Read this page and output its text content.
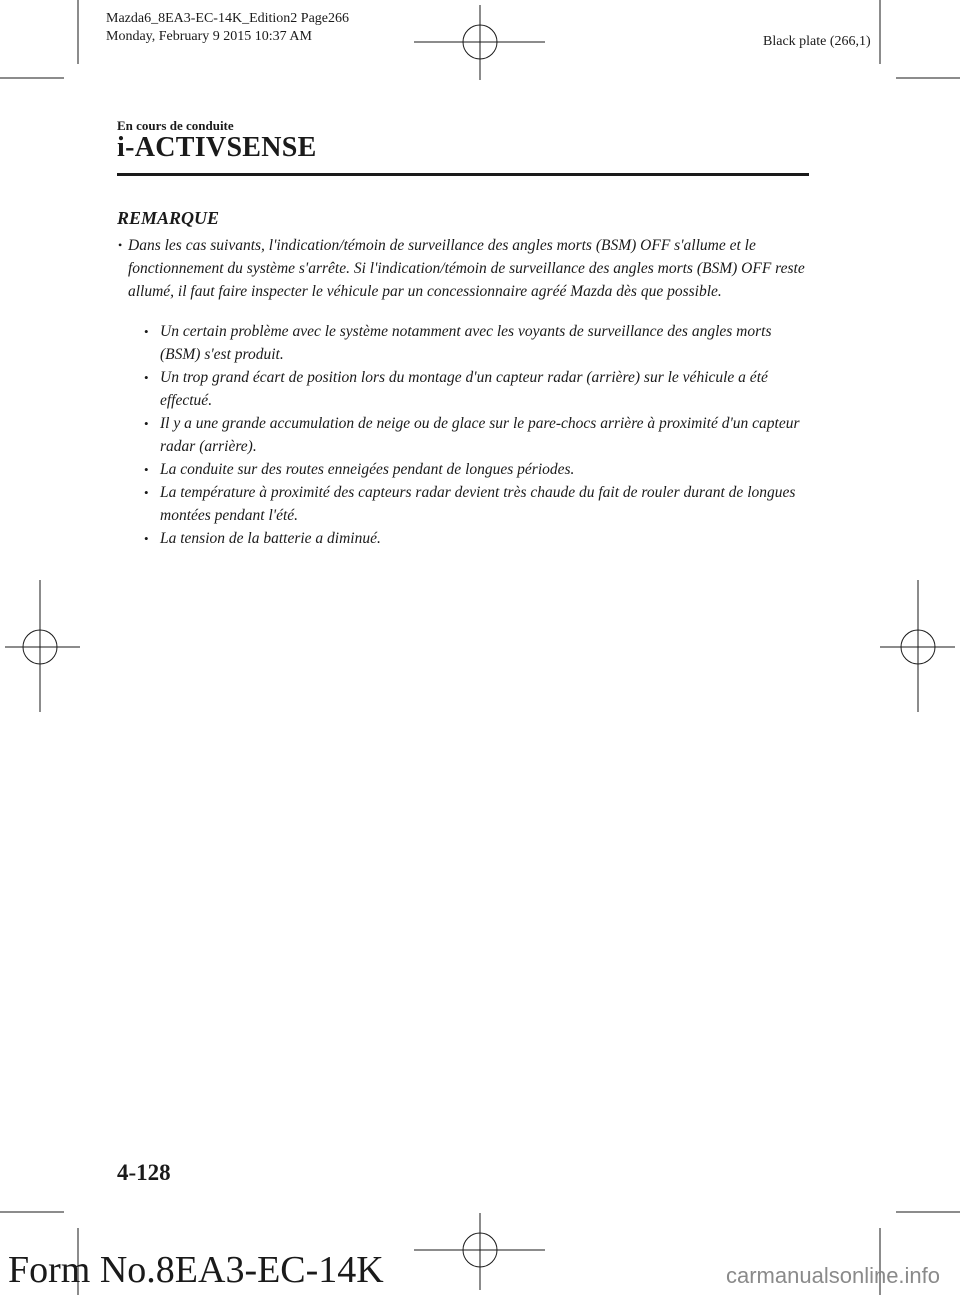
Mazda6_8EA3-EC-14K_Edition2 Page266
Monday, February 9 2015 10:37 AM	Black plate (266,1)
En cours de conduite
i-ACTIVSENSE
REMARQUE
• Dans les cas suivants, l'indication/témoin de surveillance des angles morts (BSM) OFF s'allume et le fonctionnement du système s'arrête. Si l'indication/témoin de surveillance des angles morts (BSM) OFF reste allumé, il faut faire inspecter le véhicule par un concessionnaire agréé Mazda dès que possible.
• Un certain problème avec le système notamment avec les voyants de surveillance des angles morts (BSM) s'est produit.
• Un trop grand écart de position lors du montage d'un capteur radar (arrière) sur le véhicule a été effectué.
• Il y a une grande accumulation de neige ou de glace sur le pare-chocs arrière à proximité d'un capteur radar (arrière).
• La conduite sur des routes enneigées pendant de longues périodes.
• La température à proximité des capteurs radar devient très chaude du fait de rouler durant de longues montées pendant l'été.
• La tension de la batterie a diminué.
4-128
Form No.8EA3-EC-14K	carmanualsonline.info
